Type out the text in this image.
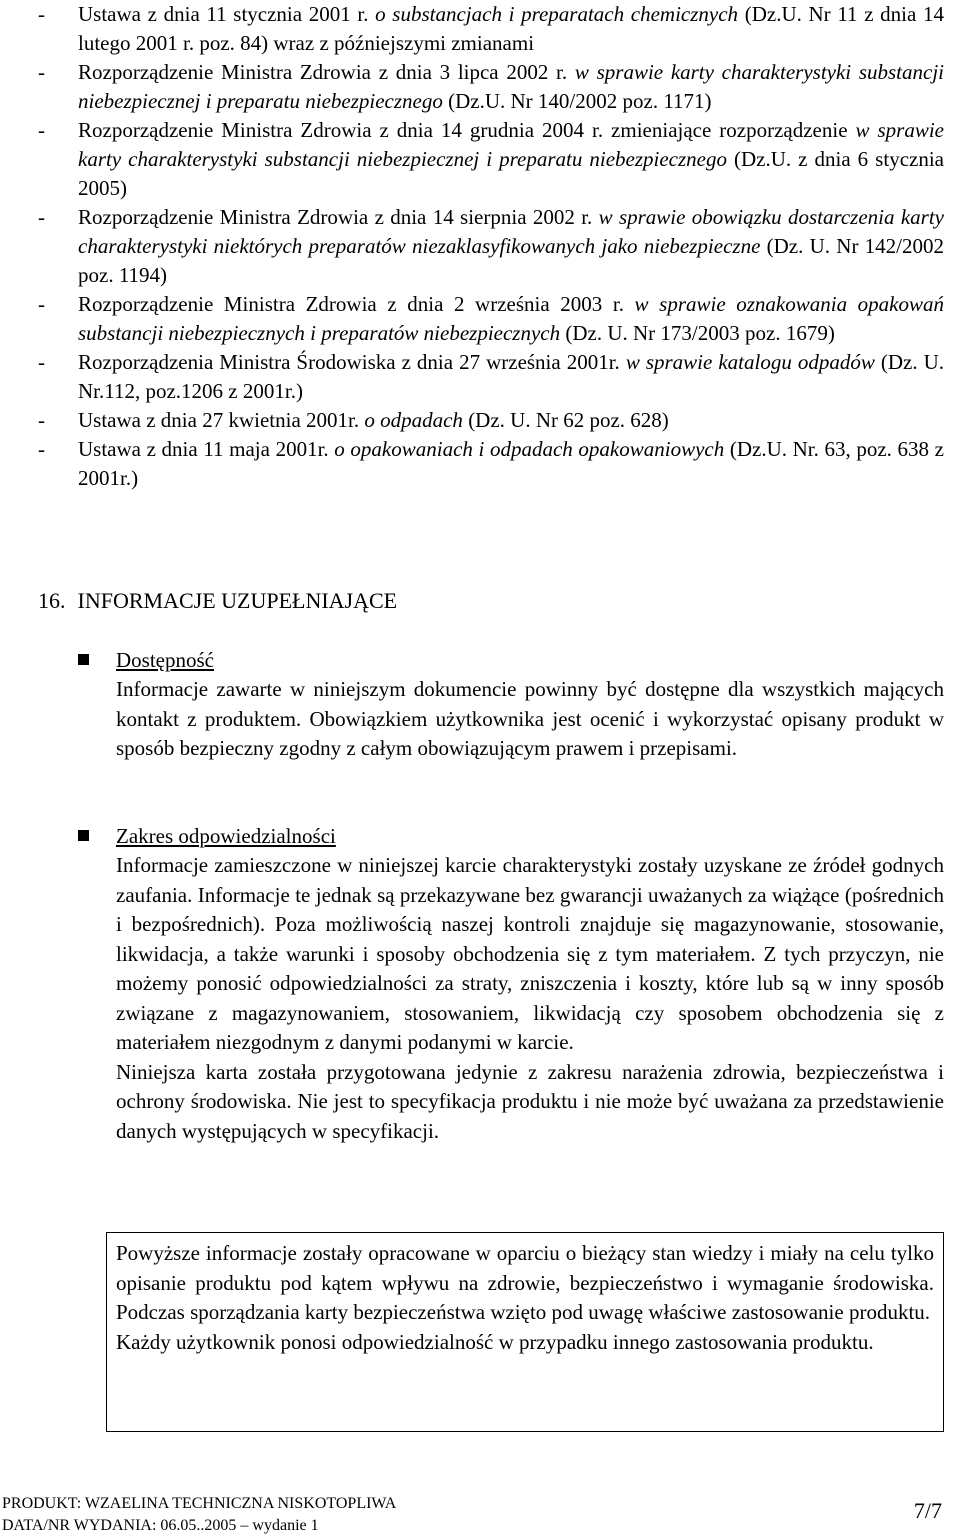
- Ustawa z dnia 11 stycznia 2001 r. o substancjach i preparatach chemicznych (Dz.U. Nr 11 z dnia 14 lutego 2001 r. poz. 84) wraz z późniejszymi zmianami
- Rozporządzenie Ministra Zdrowia z dnia 3 lipca 2002 r. w sprawie karty charakterystyki substancji niebezpiecznej i preparatu niebezpiecznego (Dz.U. Nr 140/2002 poz. 1171)
- Rozporządzenie Ministra Zdrowia z dnia 14 grudnia 2004 r. zmieniające rozporządzenie w sprawie karty charakterystyki substancji niebezpiecznej i preparatu niebezpiecznego (Dz.U. z dnia 6 stycznia 2005)
- Rozporządzenie Ministra Zdrowia z dnia 14 sierpnia 2002 r. w sprawie obowiązku dostarczenia karty charakterystyki niektórych preparatów niezaklasyfikowanych jako niebezpieczne (Dz. U. Nr 142/2002 poz. 1194)
- Rozporządzenie Ministra Zdrowia z dnia 2 września 2003 r. w sprawie oznakowania opakowań substancji niebezpiecznych i preparatów niebezpiecznych (Dz. U. Nr 173/2003 poz. 1679)
- Rozporządzenia Ministra Środowiska z dnia 27 września 2001r. w sprawie katalogu odpadów (Dz. U. Nr.112, poz.1206 z 2001r.)
- Ustawa z dnia 27 kwietnia 2001r. o odpadach (Dz. U. Nr 62 poz. 628)
- Ustawa z dnia 11 maja 2001r. o opakowaniach i odpadach opakowaniowych (Dz.U. Nr. 63, poz. 638 z 2001r.)
16. INFORMACJE UZUPEŁNIAJĄCE
Dostępność

Informacje zawarte w niniejszym dokumencie powinny być dostępne dla wszystkich mających kontakt z produktem. Obowiązkiem użytkownika jest ocenić i wykorzystać opisany produkt w sposób bezpieczny zgodny z całym obowiązującym prawem i przepisami.

Zakres odpowiedzialności

Informacje zamieszczone w niniejszej karcie charakterystyki zostały uzyskane ze źródeł godnych zaufania. Informacje te jednak są przekazywane bez gwarancji uważanych za wiążące (pośrednich i bezpośrednich). Poza możliwością naszej kontroli znajduje się magazynowanie, stosowanie, likwidacja, a także warunki i sposoby obchodzenia się z tym materiałem. Z tych przyczyn, nie możemy ponosić odpowiedzialności za straty, zniszczenia i koszty, które lub są w inny sposób związane z magazynowaniem, stosowaniem, likwidacją czy sposobem obchodzenia się z materiałem niezgodnym z danymi podanymi w karcie.

Niniejsza karta została przygotowana jedynie z zakresu narażenia zdrowia, bezpieczeństwa i ochrony środowiska. Nie jest to specyfikacja produktu i nie może być uważana za przedstawienie danych występujących w specyfikacji.

Powyższe informacje zostały opracowane w oparciu o bieżący stan wiedzy i miały na celu tylko opisanie produktu pod kątem wpływu na zdrowie, bezpieczeństwo i wymaganie środowiska. Podczas sporządzania karty bezpieczeństwa wzięto pod uwagę właściwe zastosowanie produktu.

Każdy użytkownik ponosi odpowiedzialność w przypadku innego zastosowania produktu.

PRODUKT: WZAELINA TECHNICZNA NISKOTOPLIWA
DATA/NR WYDANIA: 06.05..2005 – wydanie 1
7/7
